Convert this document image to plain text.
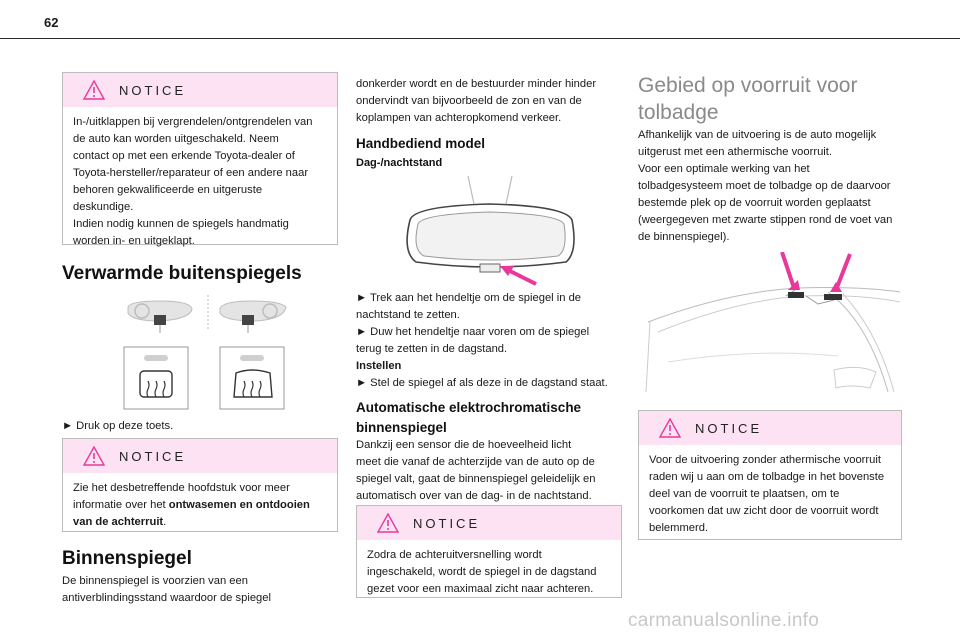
62
NOTICE
In-/uitklappen bij vergrendelen/ontgrendelen van
de auto kan worden uitgeschakeld. Neem
contact op met een erkende Toyota-dealer of
Toyota-hersteller/reparateur of een andere naar
behoren gekwalificeerde en uitgeruste
deskundige.
Indien nodig kunnen de spiegels handmatig
worden in- en uitgeklapt.
Verwarmde buitenspiegels
► Druk op deze toets.
NOTICE
Zie het desbetreffende hoofdstuk voor meer
informatie over het ontwasemen en ontdooien
van de achterruit.
Binnenspiegel
De binnenspiegel is voorzien van een
antiverblindingsstand waardoor de spiegel
donkerder wordt en de bestuurder minder hinder
ondervindt van bijvoorbeeld de zon en van de
koplampen van achteropkomend verkeer.
Handbediend model
Dag-/nachtstand
► Trek aan het hendeltje om de spiegel in de
nachtstand te zetten.
► Duw het hendeltje naar voren om de spiegel
terug te zetten in de dagstand.
Instellen
► Stel de spiegel af als deze in de dagstand staat.
Automatische elektrochromatische
binnenspiegel
Dankzij een sensor die de hoeveelheid licht
meet die vanaf de achterzijde van de auto op de
spiegel valt, gaat de binnenspiegel geleidelijk en
automatisch over van de dag- in de nachtstand.
NOTICE
Zodra de achteruitversnelling wordt
ingeschakeld, wordt de spiegel in de dagstand
gezet voor een maximaal zicht naar achteren.
Gebied op voorruit voor
tolbadge
Afhankelijk van de uitvoering is de auto mogelijk
uitgerust met een athermische voorruit.
Voor een optimale werking van het
tolbadgesysteem moet de tolbadge op de daarvoor
bestemde plek op de voorruit worden geplaatst
(weergegeven met zwarte stippen rond de voet van
de binnenspiegel).
NOTICE
Voor de uitvoering zonder athermische voorruit
raden wij u aan om de tolbadge in het bovenste
deel van de voorruit te plaatsen, om te
voorkomen dat uw zicht door de voorruit wordt
belemmerd.
carmanualsonline.info
